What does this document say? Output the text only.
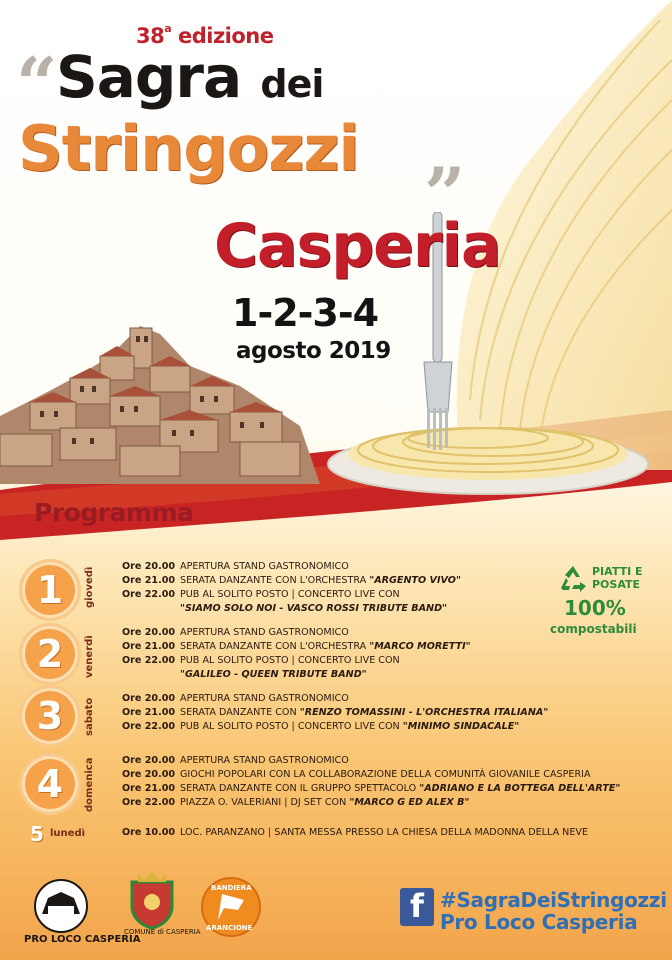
38$^a$ edizione
“
Sagra dei
Stringozzi
”
Casperia
1-2-3-4
agosto 2019
Programma
1	giovedì
Ore 20.00 APERTURA STAND GASTRONOMICO
Ore 21.00 SERATA DANZANTE CON L'ORCHESTRA "ARGENTO VIVO"
Ore 22.00 PUB AL SOLITO POSTO | CONCERTO LIVE CON
"SIAMO SOLO NOI - VASCO ROSSI TRIBUTE BAND"
2	venerdì
Ore 20.00 APERTURA STAND GASTRONOMICO
Ore 21.00 SERATA DANZANTE CON L'ORCHESTRA "MARCO MORETTI"
Ore 22.00 PUB AL SOLITO POSTO | CONCERTO LIVE CON
"GALILEO - QUEEN TRIBUTE BAND"
3	sabato	Ore 20.00 APERTURA STAND GASTRONOMICO
Ore 21.00 SERATA DANZANTE CON "RENZO TOMASSINI - L'ORCHESTRA ITALIANA"
Ore 22.00 PUB AL SOLITO POSTO | CONCERTO LIVE CON "MINIMO SINDACALE"
4	domenica	Ore 20.00 APERTURA STAND GASTRONOMICO
Ore 20.00 GIOCHI POPOLARI CON LA COLLABORAZIONE DELLA COMUNITÀ GIOVANILE CASPERIA
Ore 21.00 SERATA DANZANTE CON IL GRUPPO SPETTACOLO "ADRIANO E LA BOTTEGA DELL'ARTE"
Ore 22.00 PIAZZA O. VALERIANI | DJ SET CON "MARCO G ED ALEX B"
5 lunedì	Ore 10.00 LOC. PARANZANO | SANTA MESSA PRESSO LA CHIESA DELLA MADONNA DELLA NEVE
PIATTI E
POSATE
100%
compostabili
PRO LOCO CASPERIA
COMUNE di CASPERIA
BANDIERA
ARANCIONE
f #SagraDeiStringozzi
Pro Loco Casperia
